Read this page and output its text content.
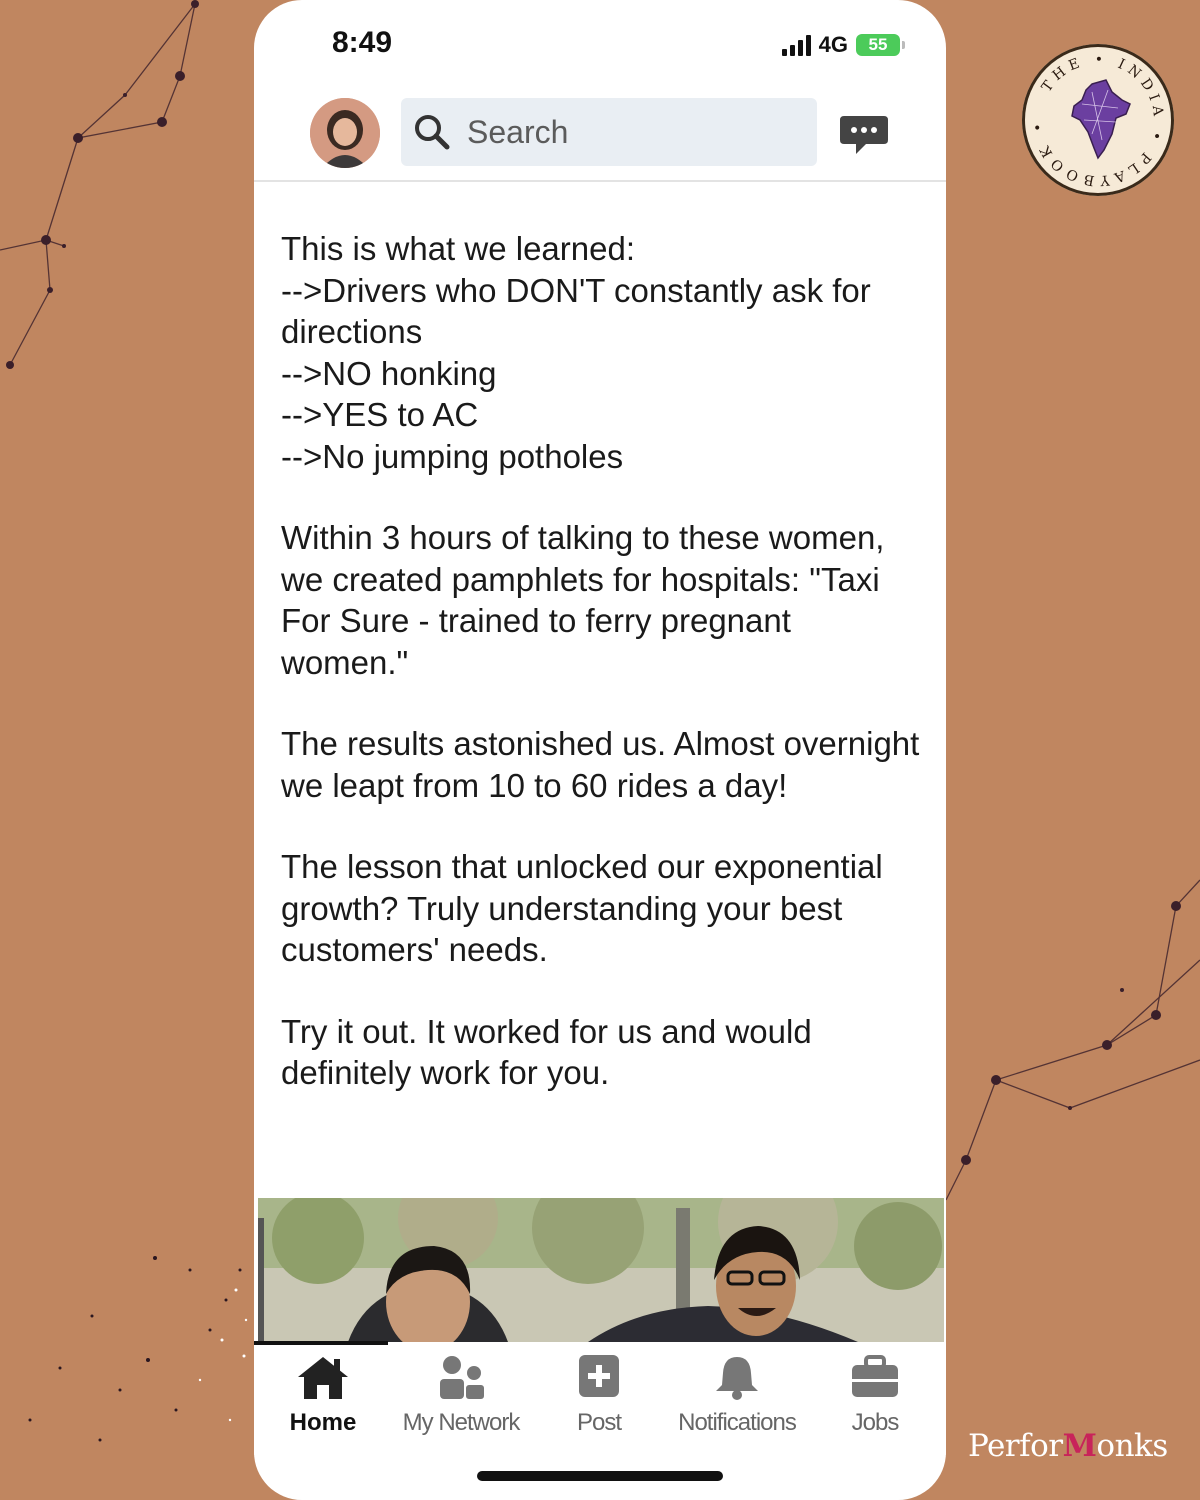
8:49	4G 55
Search

This is what we learned:

-->Drivers who DON'T constantly ask for directions

-->NO honking

-->YES to AC

-->No jumping potholes

Within 3 hours of talking to these women, we created pamphlets for hospitals: "Taxi For Sure - trained to ferry pregnant women."

The results astonished us. Almost overnight we leapt from 10 to 60 rides a day!

The lesson that unlocked our exponential growth? Truly understanding your best customers' needs.

Try it out. It worked for us and would definitely work for you.

Home My Network Post Notifications Jobs
THE • INDIA • PLAYBOOK •
PerforMonks
